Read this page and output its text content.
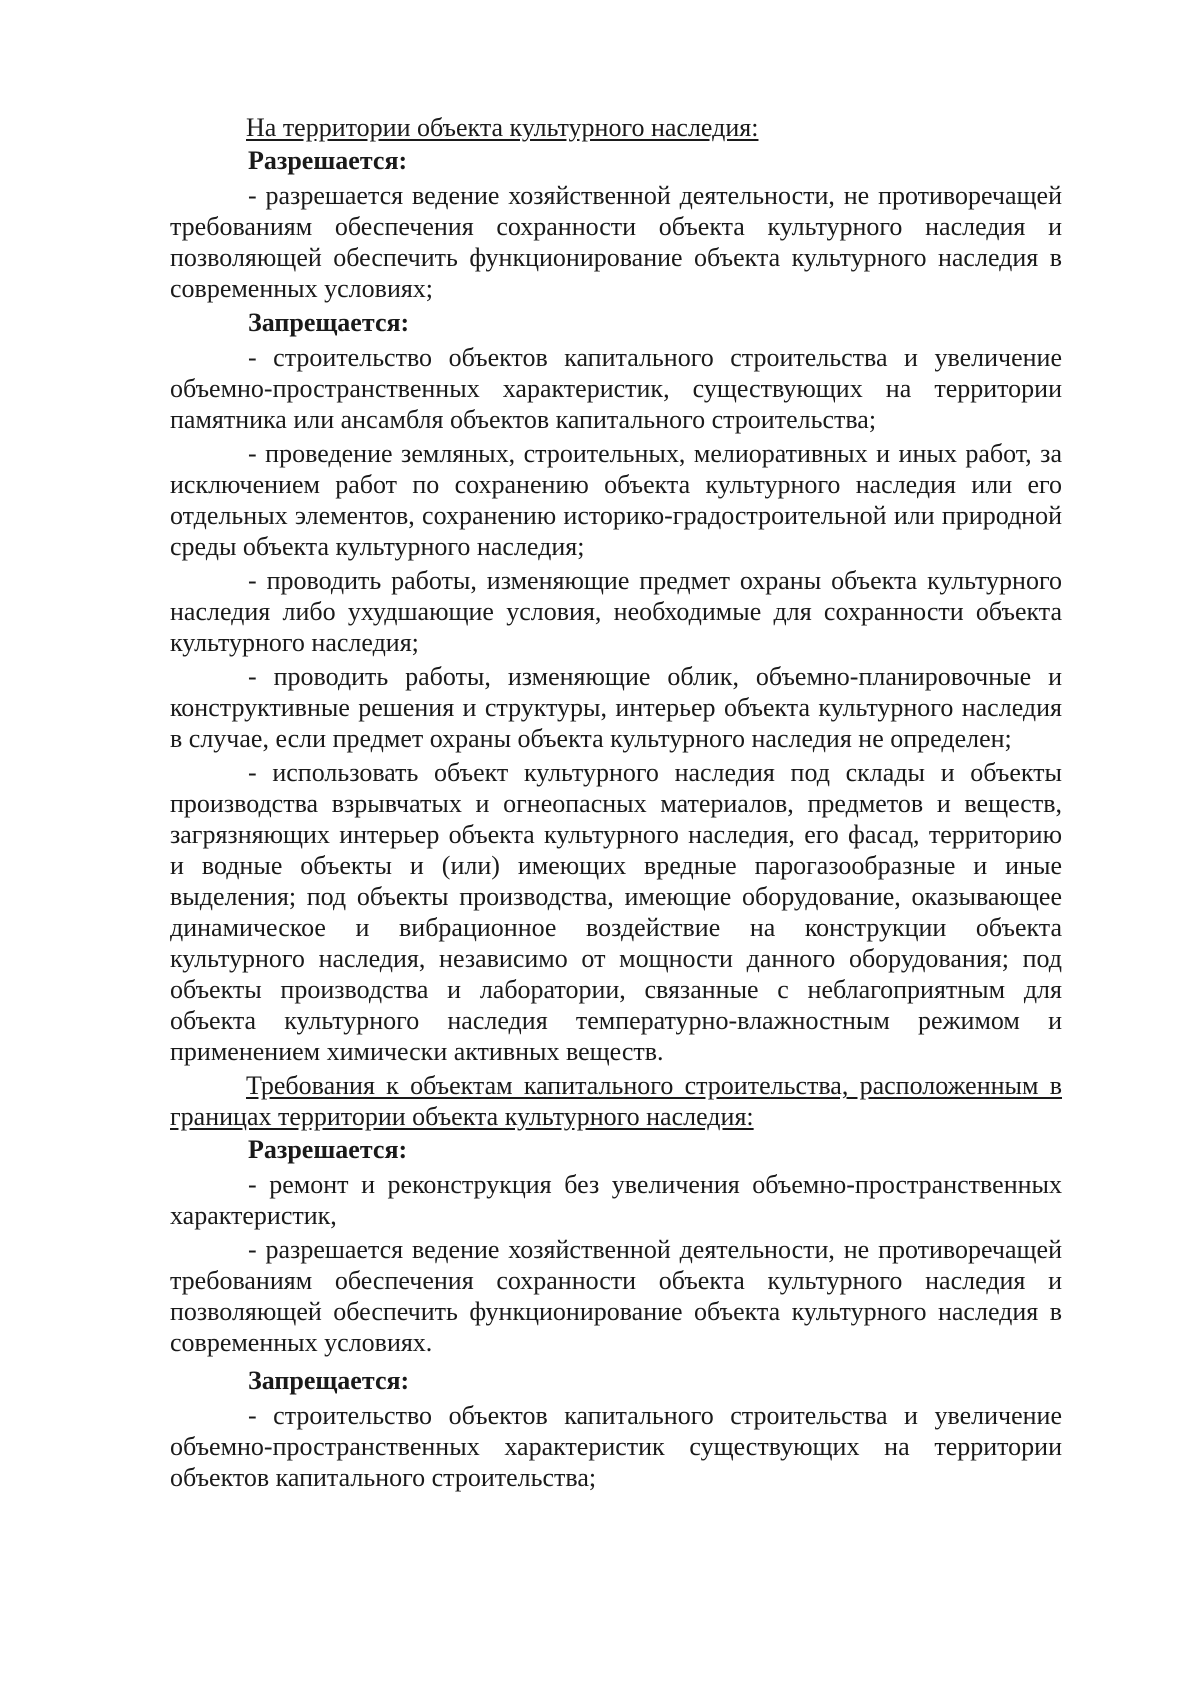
На территории объекта культурного наследия:
Разрешается:
- разрешается ведение хозяйственной деятельности, не противоречащей требованиям обеспечения сохранности объекта культурного наследия и позволяющей обеспечить функционирование объекта культурного наследия в современных условиях;
Запрещается:
- строительство объектов капитального строительства и увеличение объемно-пространственных характеристик, существующих на территории памятника или ансамбля объектов капитального строительства;
- проведение земляных, строительных, мелиоративных и иных работ, за исключением работ по сохранению объекта культурного наследия или его отдельных элементов, сохранению историко-градостроительной или природной среды объекта культурного наследия;
- проводить работы, изменяющие предмет охраны объекта культурного наследия либо ухудшающие условия, необходимые для сохранности объекта культурного наследия;
- проводить работы, изменяющие облик, объемно-планировочные и конструктивные решения и структуры, интерьер объекта культурного наследия в случае, если предмет охраны объекта культурного наследия не определен;
- использовать объект культурного наследия под склады и объекты производства взрывчатых и огнеопасных материалов, предметов и веществ, загрязняющих интерьер объекта культурного наследия, его фасад, территорию и водные объекты и (или) имеющих вредные парогазообразные и иные выделения; под объекты производства, имеющие оборудование, оказывающее динамическое и вибрационное воздействие на конструкции объекта культурного наследия, независимо от мощности данного оборудования; под объекты производства и лаборатории, связанные с неблагоприятным для объекта культурного наследия температурно-влажностным режимом и применением химически активных веществ.
Требования к объектам капитального строительства, расположенным в границах территории объекта культурного наследия:
Разрешается:
- ремонт и реконструкция без увеличения объемно-пространственных характеристик,
- разрешается ведение хозяйственной деятельности, не противоречащей требованиям обеспечения сохранности объекта культурного наследия и позволяющей обеспечить функционирование объекта культурного наследия в современных условиях.
Запрещается:
- строительство объектов капитального строительства и увеличение объемно-пространственных характеристик существующих на территории объектов капитального строительства;
